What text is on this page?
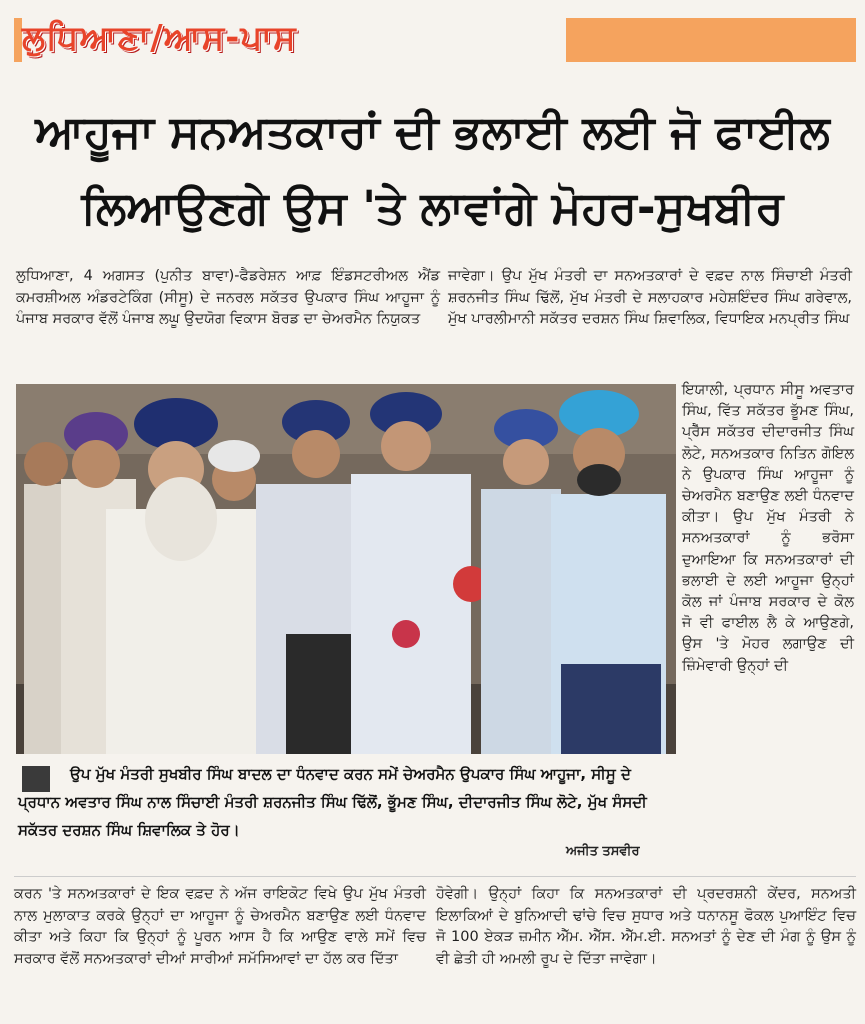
ਲੁਧਿਆਣਾ/ਆਸ-ਪਾਸ
ਆਹੂਜਾ ਸਨਅਤਕਾਰਾਂ ਦੀ ਭਲਾਈ ਲਈ ਜੋ ਫਾਈਲ
ਲਿਆਉਣਗੇ ਉਸ 'ਤੇ ਲਾਵਾਂਗੇ ਮੋਹਰ-ਸੁਖਬੀਰ
ਲੁਧਿਆਣਾ, 4 ਅਗਸਤ (ਪੁਨੀਤ ਬਾਵਾ)-ਫੈਡਰੇਸ਼ਨ ਆਫ਼ ਇੰਡਸਟਰੀਅਲ ਐਂਡ ਕਮਰਸ਼ੀਅਲ ਅੰਡਰਟੇਕਿੰਗ (ਸੀਸੂ) ਦੇ ਜਨਰਲ ਸਕੱਤਰ ਉਪਕਾਰ ਸਿੰਘ ਆਹੂਜਾ ਨੂੰ ਪੰਜਾਬ ਸਰਕਾਰ ਵੱਲੋਂ ਪੰਜਾਬ ਲਘੂ ਉਦਯੋਗ ਵਿਕਾਸ ਬੋਰਡ ਦਾ ਚੇਅਰਮੈਨ ਨਿਯੁਕਤ
ਜਾਵੇਗਾ। ਉਪ ਮੁੱਖ ਮੰਤਰੀ ਦਾ ਸਨਅਤਕਾਰਾਂ ਦੇ ਵਫ਼ਦ ਨਾਲ ਸਿੰਚਾਈ ਮੰਤਰੀ ਸ਼ਰਨਜੀਤ ਸਿੰਘ ਢਿੱਲੋਂ, ਮੁੱਖ ਮੰਤਰੀ ਦੇ ਸਲਾਹਕਾਰ ਮਹੇਸ਼ਇੰਦਰ ਸਿੰਘ ਗਰੇਵਾਲ, ਮੁੱਖ ਪਾਰਲੀਮਾਨੀ ਸਕੱਤਰ ਦਰਸ਼ਨ ਸਿੰਘ ਸ਼ਿਵਾਲਿਕ, ਵਿਧਾਇਕ ਮਨਪ੍ਰੀਤ ਸਿੰਘ
ਇਯਾਲੀ, ਪ੍ਰਧਾਨ ਸੀਸੂ ਅਵਤਾਰ ਸਿੰਘ, ਵਿੱਤ ਸਕੱਤਰ ਭੂੱਮਣ ਸਿੰਘ, ਪ੍ਰੈੱਸ ਸਕੱਤਰ ਦੀਦਾਰਜੀਤ ਸਿੰਘ ਲੋਟੇ, ਸਨਅਤਕਾਰ ਨਿਤਿਨ ਗੋਇਲ ਨੇ ਉਪਕਾਰ ਸਿੰਘ ਆਹੂਜਾ ਨੂੰ ਚੇਅਰਮੈਨ ਬਣਾਉਣ ਲਈ ਧੰਨਵਾਦ ਕੀਤਾ। ਉਪ ਮੁੱਖ ਮੰਤਰੀ ਨੇ ਸਨਅਤਕਾਰਾਂ ਨੂੰ ਭਰੋਸਾ ਦੁਆਇਆ ਕਿ ਸਨਅਤਕਾਰਾਂ ਦੀ ਭਲਾਈ ਦੇ ਲਈ ਆਹੂਜਾ ਉਨ੍ਹਾਂ ਕੋਲ ਜਾਂ ਪੰਜਾਬ ਸਰਕਾਰ ਦੇ ਕੋਲ ਜੋ ਵੀ ਫਾਈਲ ਲੈ ਕੇ ਆਉਣਗੇ, ਉਸ 'ਤੇ ਮੋਹਰ ਲਗਾਉਣ ਦੀ ਜ਼ਿੰਮੇਵਾਰੀ ਉਨ੍ਹਾਂ ਦੀ
ਉਪ ਮੁੱਖ ਮੰਤਰੀ ਸੁਖਬੀਰ ਸਿੰਘ ਬਾਦਲ ਦਾ ਧੰਨਵਾਦ ਕਰਨ ਸਮੇਂ ਚੇਅਰਮੈਨ ਉਪਕਾਰ ਸਿੰਘ ਆਹੂਜਾ, ਸੀਸੂ ਦੇ ਪ੍ਰਧਾਨ ਅਵਤਾਰ ਸਿੰਘ ਨਾਲ ਸਿੰਚਾਈ ਮੰਤਰੀ ਸ਼ਰਨਜੀਤ ਸਿੰਘ ਢਿੱਲੋਂ, ਭੂੱਮਣ ਸਿੰਘ, ਦੀਦਾਰਜੀਤ ਸਿੰਘ ਲੋਟੇ, ਮੁੱਖ ਸੰਸਦੀ ਸਕੱਤਰ ਦਰਸ਼ਨ ਸਿੰਘ ਸ਼ਿਵਾਲਿਕ ਤੇ ਹੋਰ।
ਅਜੀਤ ਤਸਵੀਰ
ਕਰਨ 'ਤੇ ਸਨਅਤਕਾਰਾਂ ਦੇ ਇਕ ਵਫ਼ਦ ਨੇ ਅੱਜ ਰਾਇਕੋਟ ਵਿਖੇ ਉਪ ਮੁੱਖ ਮੰਤਰੀ ਨਾਲ ਮੁਲਾਕਾਤ ਕਰਕੇ ਉਨ੍ਹਾਂ ਦਾ ਆਹੂਜਾ ਨੂੰ ਚੇਅਰਮੈਨ ਬਣਾਉਣ ਲਈ ਧੰਨਵਾਦ ਕੀਤਾ ਅਤੇ ਕਿਹਾ ਕਿ ਉਨ੍ਹਾਂ ਨੂੰ ਪੂਰਨ ਆਸ ਹੈ ਕਿ ਆਉਣ ਵਾਲੇ ਸਮੇਂ ਵਿਚ ਸਰਕਾਰ ਵੱਲੋਂ ਸਨਅਤਕਾਰਾਂ ਦੀਆਂ ਸਾਰੀਆਂ ਸਮੱਸਿਆਵਾਂ ਦਾ ਹੱਲ ਕਰ ਦਿੱਤਾ
ਹੋਵੇਗੀ। ਉਨ੍ਹਾਂ ਕਿਹਾ ਕਿ ਸਨਅਤਕਾਰਾਂ ਦੀ ਪ੍ਰਦਰਸ਼ਨੀ ਕੇਂਦਰ, ਸਨਅਤੀ ਇਲਾਕਿਆਂ ਦੇ ਬੁਨਿਆਦੀ ਢਾਂਚੇ ਵਿਚ ਸੁਧਾਰ ਅਤੇ ਧਨਾਨਸੂ ਫੋਕਲ ਪੁਆਇੰਟ ਵਿਚ ਜੋ 100 ਏਕੜ ਜ਼ਮੀਨ ਐੱਮ. ਐੱਸ. ਐੱਮ.ਈ. ਸਨਅਤਾਂ ਨੂੰ ਦੇਣ ਦੀ ਮੰਗ ਨੂੰ ਉਸ ਨੂੰ ਵੀ ਛੇਤੀ ਹੀ ਅਮਲੀ ਰੂਪ ਦੇ ਦਿੱਤਾ ਜਾਵੇਗਾ।
